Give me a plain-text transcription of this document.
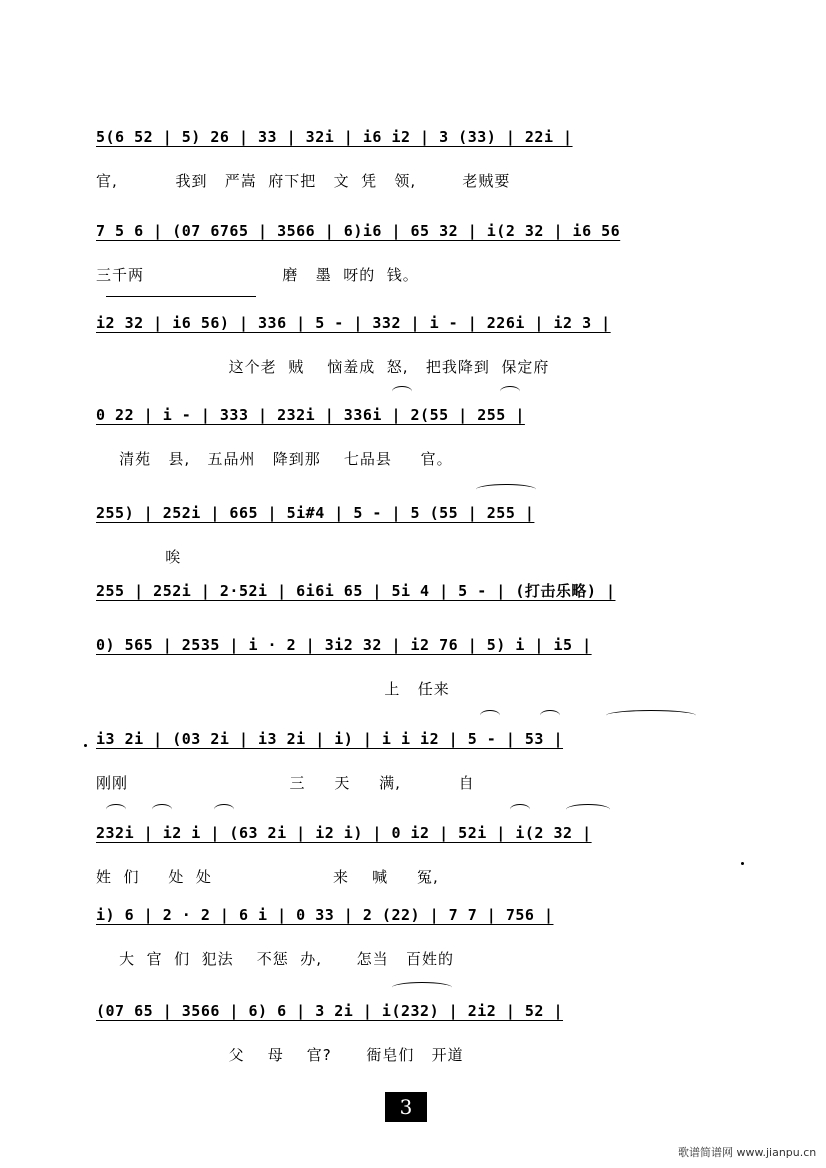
5(6 52 | 5) 26 | 33 | 32i | i6 i2 | 3 (33) | 22i |
官,          我到   严嵩  府下把   文  凭   领,        老贼要
7 5 6 | (07 6765 | 3566 | 6)i6 | 65 32 | i(2 32 | i6 56
三千两                        磨   墨  呀的  钱。
i2 32 | i6 56) | 336 | 5 - | 332 | i - | 226i | i2 3 |
这个老  贼    恼羞成  怒,   把我降到  保定府
0 22 | i - | 333 | 232i | 336i | 2(55 | 255 |
清苑   县,   五品州   降到那    七品县     官。
255) | 252i | 665 | 5i#4 | 5 - | 5 (55 | 255 |
唉
255 | 252i | 2·52i | 6i6i 65 | 5i 4 | 5 - | (打击乐略) |
0) 565 | 2535 | i · 2 | 3i2 32 | i2 76 | 5) i | i5 |
上   任来
i3 2i | (03 2i | i3 2i | i) | i i i2 | 5 - | 53 |
刚刚                            三     天     满,          自
232i | i2 i | (63 2i | i2 i) | 0 i2 | 52i | i(2 32 |
姓  们     处  处                     来    喊     冤,
i) 6 | 2 · 2 | 6 i | 0 33 | 2 (22) | 7 7 | 756 |
大  官  们  犯法    不惩  办,      怎当   百姓的
(07 65 | 3566 | 6) 6 | 3 2i | i(232) | 2i2 | 52 |
父    母    官?      衙皂们   开道
3
歌谱简谱网 www.jianpu.cn
